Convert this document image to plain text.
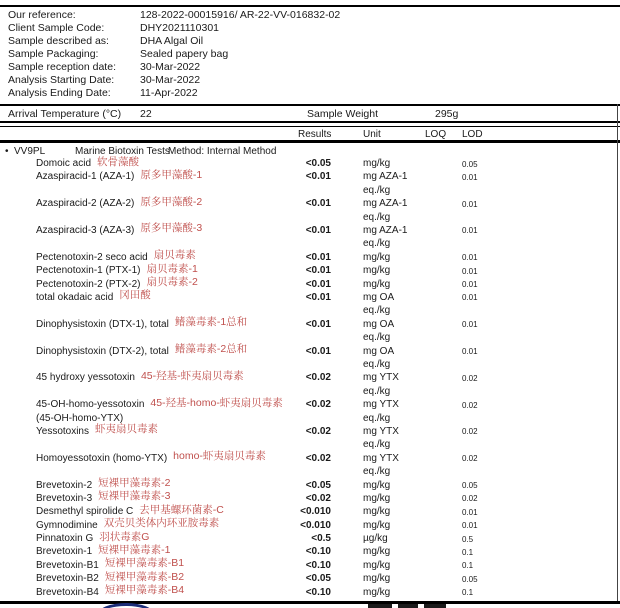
Our reference:	128-2022-00015916/ AR-22-VV-016832-02
Client Sample Code:	DHY2021110301
Sample described as:	DHA Algal Oil
Sample Packaging:	Sealed papery bag
Sample reception date: 30-Mar-2022
Analysis Starting Date: 30-Mar-2022
Analysis Ending Date:	11-Apr-2022
Arrival Temperature (°C) 22	Sample Weight	295g
Results	Unit	LOQ LOD
• VV9PL	Marine Biotoxin Tests
Method: Internal Method
Domoic acid 软骨藻酸	<0.05	mg/kg	0.05
Azaspiracid-1 (AZA-1) 原多甲藻酸-1	<0.01	mg AZA-1
eq./kg
0.01
Azaspiracid-2 (AZA-2) 原多甲藻酸-2	<0.01	mg AZA-1
eq./kg
0.01
Azaspiracid-3 (AZA-3) 原多甲藻酸-3	<0.01	mg AZA-1
eq./kg
0.01
Pectenotoxin-2 seco acid 扇贝毒素	<0.01	mg/kg	0.01
Pectenotoxin-1 (PTX-1) 扇贝毒素-1	<0.01	mg/kg	0.01
Pectenotoxin-2 (PTX-2) 扇贝毒素-2	<0.01	mg/kg	0.01
total okadaic acid 冈田酸	<0.01	mg OA
eq./kg
0.01
Dinophysistoxin (DTX-1), total 鳍藻毒素-1总和	<0.01	mg OA
eq./kg
0.01
Dinophysistoxin (DTX-2), total 鳍藻毒素-2总和	<0.01	mg OA
eq./kg
0.01
45 hydroxy yessotoxin 45-羟基-虾夷扇贝毒素	<0.02	mg YTX
eq./kg
0.02
45-OH-homo-yessotoxin 45-羟基-homo-虾夷扇贝毒素
(45-OH-homo-YTX)
<0.02	mg YTX
eq./kg
0.02
Yessotoxins 虾夷扇贝毒素	<0.02	mg YTX
eq./kg
0.02
Homoyessotoxin (homo-YTX) homo-虾夷扇贝毒素	<0.02	mg YTX
eq./kg
0.02
Brevetoxin-2 短裸甲藻毒素-2	<0.05	mg/kg	0.05
Brevetoxin-3 短裸甲藻毒素-3	<0.02	mg/kg	0.02
Desmethyl spirolide C 去甲基螺环菌素-C	<0.010	mg/kg	0.01
Gymnodimine 双壳贝类体内环亚胺毒素	<0.010	mg/kg	0.01
Pinnatoxin G 羽状毒素G	<0.5	µg/kg	0.5
Brevetoxin-1 短裸甲藻毒素-1	<0.10	mg/kg	0.1
Brevetoxin-B1 短裸甲藻毒素-B1	<0.10	mg/kg	0.1
Brevetoxin-B2 短裸甲藻毒素-B2	<0.05	mg/kg	0.05
Brevetoxin-B4 短裸甲藻毒素-B4	<0.10	mg/kg	0.1
